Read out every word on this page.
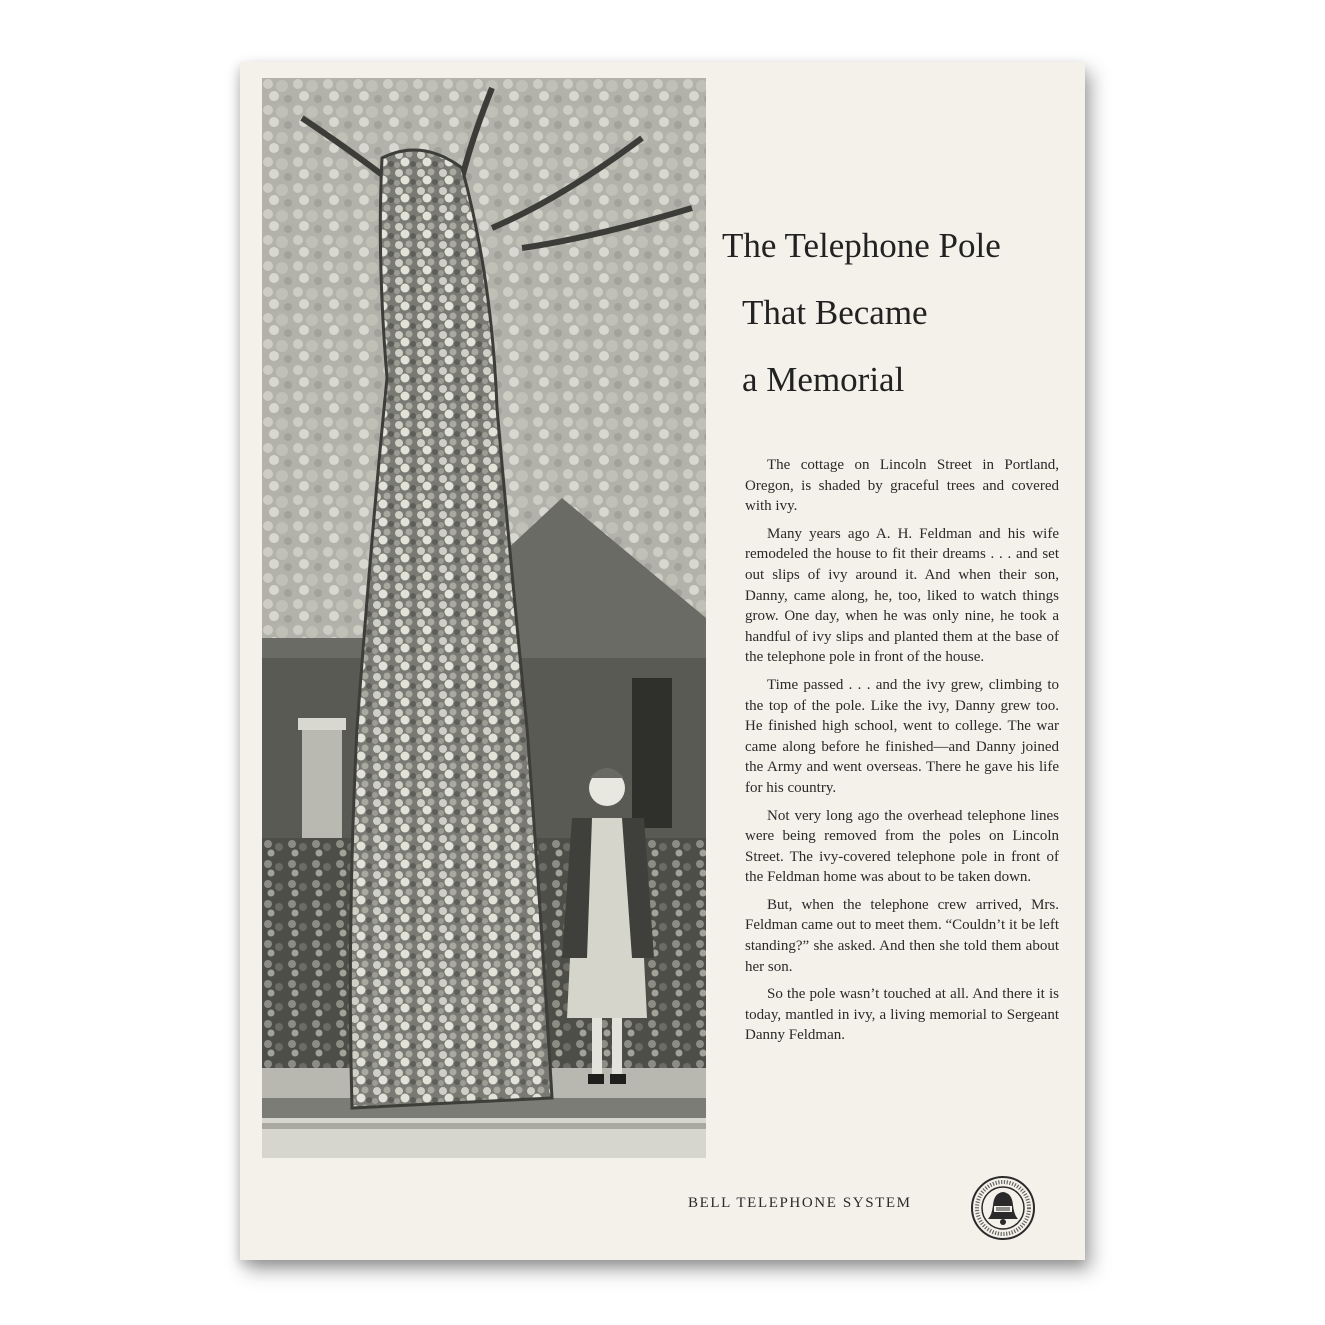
The Telephone Pole
That Became
a Memorial

The cottage on Lincoln Street in Portland, Oregon, is shaded by graceful trees and covered with ivy.

Many years ago A. H. Feldman and his wife remodeled the house to fit their dreams . . . and set out slips of ivy around it. And when their son, Danny, came along, he, too, liked to watch things grow. One day, when he was only nine, he took a handful of ivy slips and planted them at the base of the telephone pole in front of the house.

Time passed . . . and the ivy grew, climbing to the top of the pole. Like the ivy, Danny grew too. He finished high school, went to college. The war came along before he finished—and Danny joined the Army and went overseas. There he gave his life for his country.

Not very long ago the overhead telephone lines were being removed from the poles on Lincoln Street. The ivy-covered telephone pole in front of the Feldman home was about to be taken down.

But, when the telephone crew arrived, Mrs. Feldman came out to meet them. “Couldn’t it be left standing?” she asked. And then she told them about her son.

So the pole wasn’t touched at all. And there it is today, mantled in ivy, a living memorial to Sergeant Danny Feldman.

BELL TELEPHONE SYSTEM
